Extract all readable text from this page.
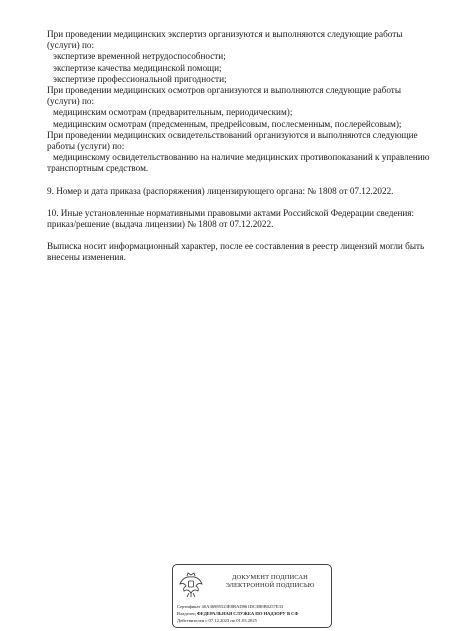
При проведении медицинских экспертиз организуются и выполняются следующие работы
(услуги) по:
экспертизе временной нетрудоспособности;
экспертизе качества медицинской помощи;
экспертизе профессиональной пригодности;
При проведении медицинских осмотров организуются и выполняются следующие работы
(услуги) по:
медицинским осмотрам (предварительным, периодическим);
медицинским осмотрам (предсменным, предрейсовым, послесменным, послерейсовым);
При проведении медицинских освидетельствований организуются и выполняются следующие
работы (услуги) по:
медицинскому освидетельствованию на наличие медицинских противопоказаний к управлению
транспортным средством.
9. Номер и дата приказа (распоряжения) лицензирующего органа: № 1808 от 07.12.2022.
10. Иные установленные нормативными правовыми актами Российской Федерации сведения:
приказ/решение (выдача лицензии) № 1808 от 07.12.2022.
Выписка носит информационный характер, после ее составления в реестр лицензий могли быть
внесены изменения.
ДОКУМЕНТ ПОДПИСАН
ЭЛЕКТРОННОЙ ПОДПИСЬЮ
Сертификат 40A36985523E8BAD861DC3B0B0257E33
Владелец ФЕДЕРАЛЬНАЯ СЛУЖБА ПО НАДЗОРУ В СФ
Действителен с 07.12.2023 по 01.03.2025
